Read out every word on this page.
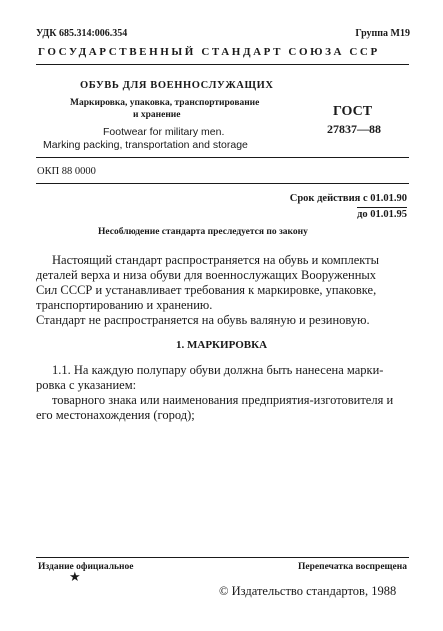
УДК 685.314:006.354	Группа М19
ГОСУДАРСТВЕННЫЙ СТАНДАРТ СОЮЗА ССР
ОБУВЬ ДЛЯ ВОЕННОСЛУЖАЩИХ
Маркировка, упаковка, транспортирование
и хранение
Footwear for military men.
Marking packing, transportation and storage
ГОСТ
27837—88
ОКП 88 0000
Срок действия с 01.01.90
до 01.01.95
Несоблюдение стандарта преследуется по закону
Настоящий стандарт распространяется на обувь и комплекты
деталей верха и низа обуви для военнослужащих Вооруженных
Сил СССР и устанавливает требования к маркировке, упаковке,
транспортированию и хранению.
Стандарт не распространяется на обувь валяную и резиновую.
1. МАРКИРОВКА
1.1. На каждую полупару обуви должна быть нанесена марки-
ровка с указанием:
товарного знака или наименования предприятия-изготовителя и
его местонахождения (город);
Издание официальное	Перепечатка воспрещена
★
© Издательство стандартов, 1988
